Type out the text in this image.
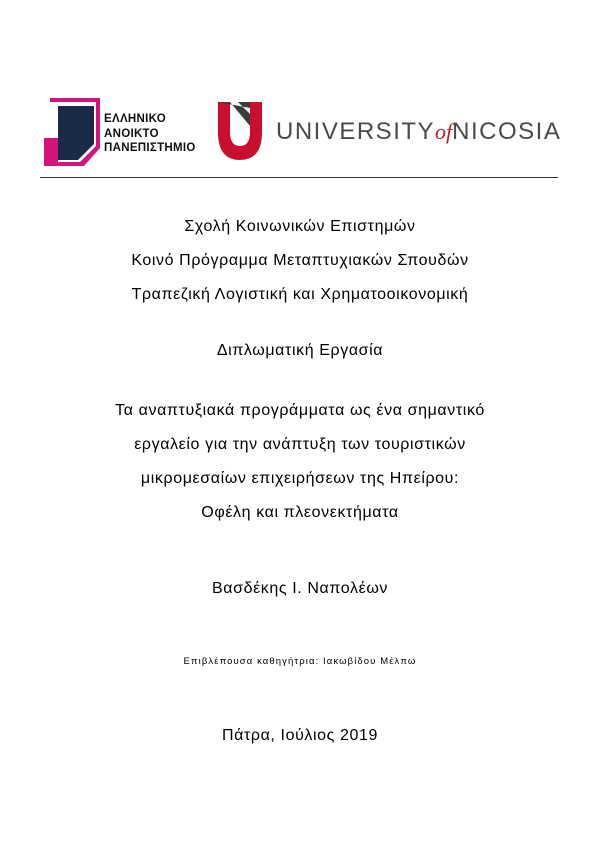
ΕΛΛΗΝΙΚΟ
ΑΝΟΙΚΤΟ
ΠΑΝΕΠΙΣΤΗΜΙΟ
UNIVERSITYofNICOSIA
Σχολή Κοινωνικών Επιστημών
Κοινό Πρόγραμμα Μεταπτυχιακών Σπουδών
Τραπεζική Λογιστική και Χρηματοοικονομική
Διπλωματική Εργασία
Τα αναπτυξιακά προγράμματα ως ένα σημαντικό
εργαλείο για την ανάπτυξη των τουριστικών
μικρομεσαίων επιχειρήσεων της Ηπείρου:
Οφέλη και πλεονεκτήματα
Βασδέκης Ι. Ναπολέων
Επιβλέπουσα καθηγήτρια: Ιακωβίδου Μέλπω
Πάτρα, Ιούλιος 2019
